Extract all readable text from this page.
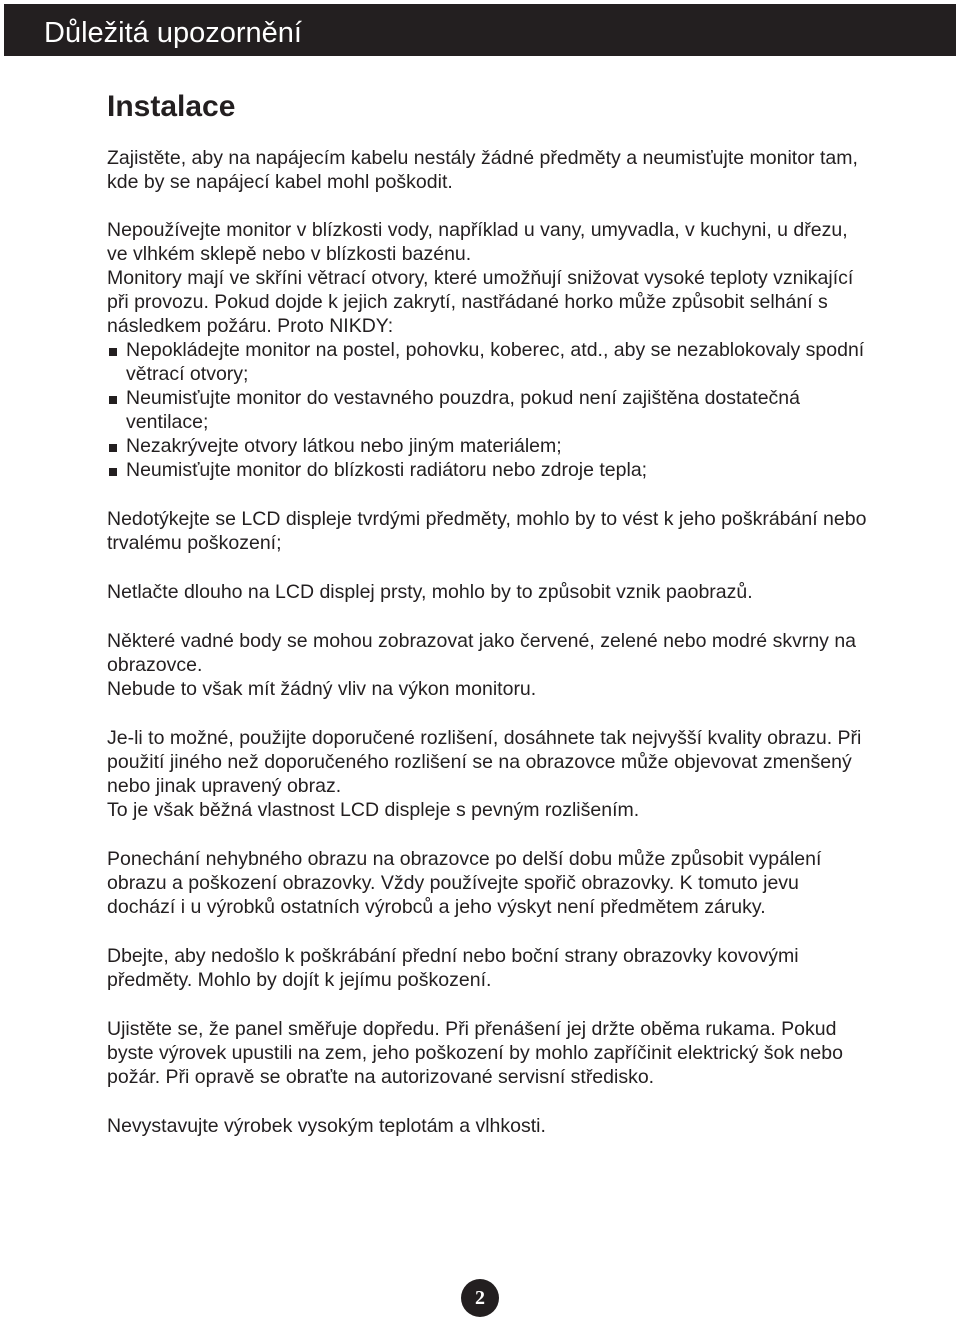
Důležitá upozornění
Instalace

Zajistěte, aby na napájecím kabelu nestály žádné předměty a neumisťujte monitor tam, kde by se napájecí kabel mohl poškodit.

Nepoužívejte monitor v blízkosti vody, například u vany, umyvadla, v kuchyni, u dřezu, ve vlhkém sklepě nebo v blízkosti bazénu.

Monitory mají ve skříni větrací otvory, které umožňují snižovat vysoké teploty vznikající při provozu. Pokud dojde k jejich zakrytí, nastřádané horko může způsobit selhání s následkem požáru. Proto NIKDY:

Nepokládejte monitor na postel, pohovku, koberec, atd., aby se nezablokovaly spodní větrací otvory;
Neumisťujte monitor do vestavného pouzdra, pokud není zajištěna dostatečná ventilace;
Nezakrývejte otvory látkou nebo jiným materiálem;
Neumisťujte monitor do blízkosti radiátoru nebo zdroje tepla;

Nedotýkejte se LCD displeje tvrdými předměty, mohlo by to vést k jeho poškrábání nebo trvalému poškození;

Netlačte dlouho na LCD displej prsty, mohlo by to způsobit vznik paobrazů.

Některé vadné body se mohou zobrazovat jako červené, zelené nebo modré skvrny na obrazovce.

Nebude to však mít žádný vliv na výkon monitoru.

Je-li to možné, použijte doporučené rozlišení, dosáhnete tak nejvyšší kvality obrazu. Při použití jiného než doporučeného rozlišení se na obrazovce může objevovat zmenšený nebo jinak upravený obraz.

To je však běžná vlastnost LCD displeje s pevným rozlišením.

Ponechání nehybného obrazu na obrazovce po delší dobu může způsobit vypálení obrazu a poškození obrazovky. Vždy používejte spořič obrazovky. K tomuto jevu dochází i u výrobků ostatních výrobců a jeho výskyt není předmětem záruky.

Dbejte, aby nedošlo k poškrábání přední nebo boční strany obrazovky kovovými předměty. Mohlo by dojít k jejímu poškození.

Ujistěte se, že panel směřuje dopředu. Při přenášení jej držte oběma rukama. Pokud byste výrovek upustili na zem, jeho poškození by mohlo zapříčinit elektrický šok nebo požár. Při opravě se obraťte na autorizované servisní středisko.

Nevystavujte výrobek vysokým teplotám a vlhkosti.

2
